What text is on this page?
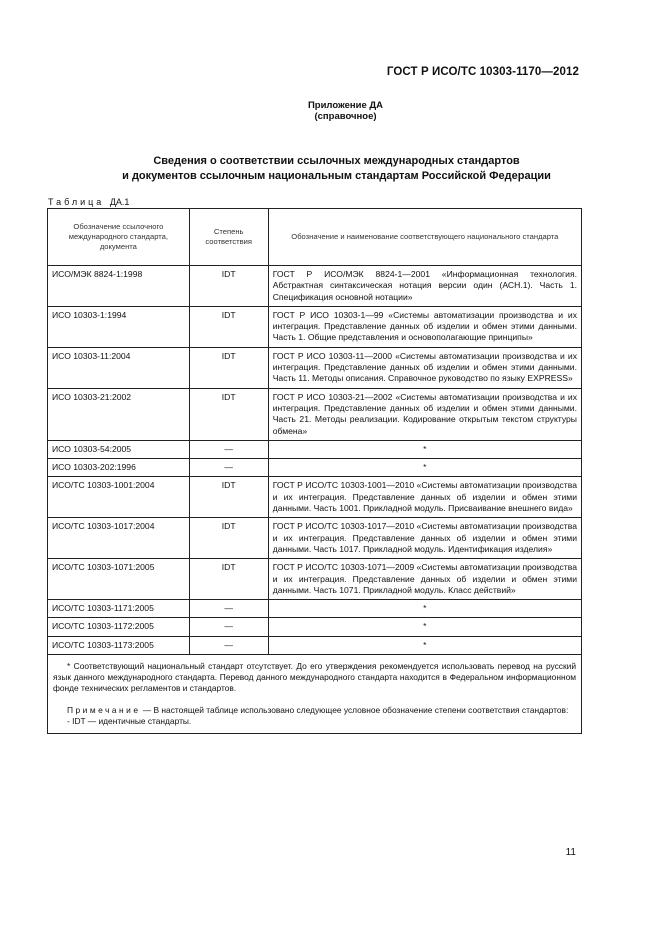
ГОСТ Р ИСО/ТС 10303-1170—2012
Приложение ДА
(справочное)
Сведения о соответствии ссылочных международных стандартов
и документов ссылочным национальным стандартам Российской Федерации
Таблица ДА.1
Обозначение ссылочного международного стандарта, документа	Степень соответствия	Обозначение и наименование соответствующего национального стандарта
ИСО/МЭК 8824-1:1998	IDT	ГОСТ Р ИСО/МЭК 8824-1—2001 «Информационная технология. Абстрактная синтаксическая нотация версии один (АСН.1). Часть 1. Спецификация основной нотации»
ИСО 10303-1:1994	IDT	ГОСТ Р ИСО 10303-1—99 «Системы автоматизации производства и их интеграция. Представление данных об изделии и обмен этими данными. Часть 1. Общие представления и основополагающие принципы»
ИСО 10303-11:2004	IDT	ГОСТ Р ИСО 10303-11—2000 «Системы автоматизации производства и их интеграция. Представление данных об изделии и обмен этими данными. Часть 11. Методы описания. Справочное руководство по языку EXPRESS»
ИСО 10303-21:2002	IDT	ГОСТ Р ИСО 10303-21—2002 «Системы автоматизации производства и их интеграция. Представление данных об изделии и обмен этими данными. Часть 21. Методы реализации. Кодирование открытым текстом структуры обмена»
ИСО 10303-54:2005	—	*
ИСО 10303-202:1996	—	*
ИСО/ТС 10303-1001:2004	IDT	ГОСТ Р ИСО/ТС 10303-1001—2010 «Системы автоматизации производства и их интеграция. Представление данных об изделии и обмен этими данными. Часть 1001. Прикладной модуль. Присваивание внешнего вида»
ИСО/ТС 10303-1017:2004	IDT	ГОСТ Р ИСО/ТС 10303-1017—2010 «Системы автоматизации производства и их интеграция. Представление данных об изделии и обмен этими данными. Часть 1017. Прикладной модуль. Идентификация изделия»
ИСО/ТС 10303-1071:2005	IDT	ГОСТ Р ИСО/ТС 10303-1071—2009 «Системы автоматизации производства и их интеграция. Представление данных об изделии и обмен этими данными. Часть 1071. Прикладной модуль. Класс действий»
ИСО/ТС 10303-1171:2005	—	*
ИСО/ТС 10303-1172:2005	—	*
ИСО/ТС 10303-1173:2005	—	*

* Соответствующий национальный стандарт отсутствует. До его утверждения рекомендуется использовать перевод на русский язык данного международного стандарта. Перевод данного международного стандарта находится в Федеральном информационном фонде технических регламентов и стандартов.

Примечание — В настоящей таблице использовано следующее условное обозначение степени соответствия стандартов:

- IDT — идентичные стандарты.		

11
